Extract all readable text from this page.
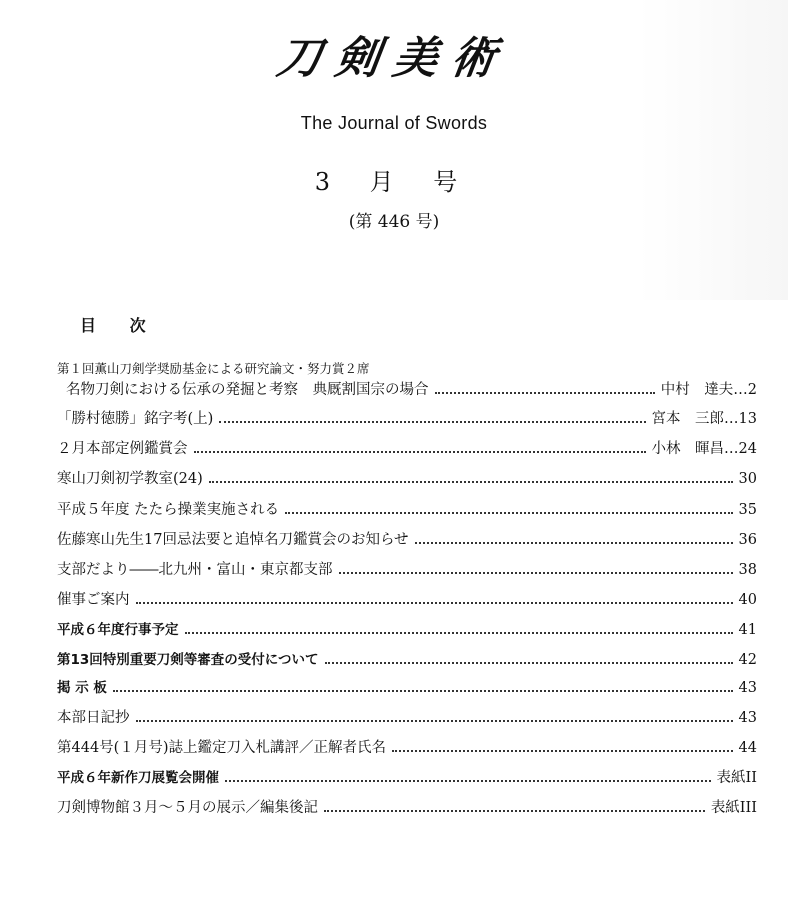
刀剣美術
The Journal of Swords
3 月 号
(第 446 号)
目 次
第１回薫山刀剣学奨励基金による研究論文・努力賞２席
名物刀剣における伝承の発掘と考察　典厩割国宗の場合	中村　達夫 … 2
「勝村徳勝」銘字考(上)	宮本　三郎 … 13
２月本部定例鑑賞会	小林　暉昌 … 24
寒山刀剣初学教室(24)	30
平成５年度 たたら操業実施される	35
佐藤寒山先生17回忌法要と追悼名刀鑑賞会のお知らせ	36
支部だより――北九州・富山・東京都支部	38
催事ご案内	40
平成６年度行事予定	41
第13回特別重要刀剣等審査の受付について	42
掲 示 板	43
本部日記抄	43
第444号(１月号)誌上鑑定刀入札講評／正解者氏名	44
平成６年新作刀展覧会開催	表紙II
刀剣博物館３月～５月の展示／編集後記	表紙III
